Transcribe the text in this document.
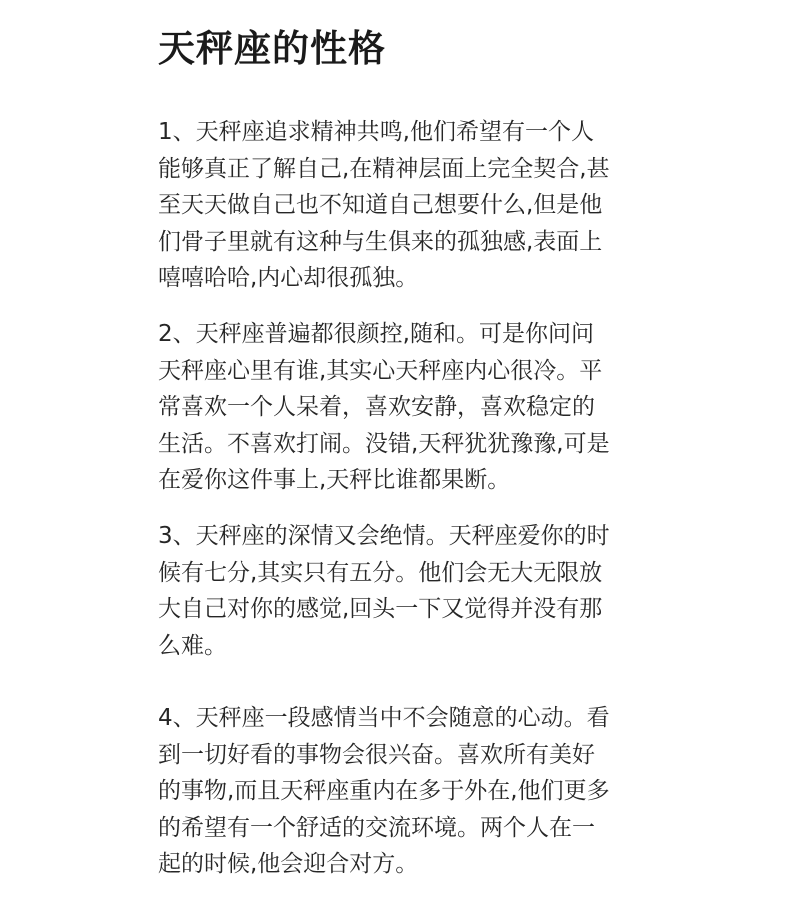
天秤座的性格
1、天秤座追求精神共鸣,他们希望有一个人
能够真正了解自己,在精神层面上完全契合,甚
至天天做自己也不知道自己想要什么,但是他
们骨子里就有这种与生俱来的孤独感,表面上
嘻嘻哈哈,内心却很孤独。
2、天秤座普遍都很颜控,随和。可是你问问
天秤座心里有谁,其实心天秤座内心很冷。平
常喜欢一个人呆着，喜欢安静，喜欢稳定的
生活。不喜欢打闹。没错,天秤犹犹豫豫,可是
在爱你这件事上,天秤比谁都果断。
3、天秤座的深情又会绝情。天秤座爱你的时
候有七分,其实只有五分。他们会无大无限放
大自己对你的感觉,回头一下又觉得并没有那
么难。
4、天秤座一段感情当中不会随意的心动。看
到一切好看的事物会很兴奋。喜欢所有美好
的事物,而且天秤座重内在多于外在,他们更多
的希望有一个舒适的交流环境。两个人在一
起的时候,他会迎合对方。
